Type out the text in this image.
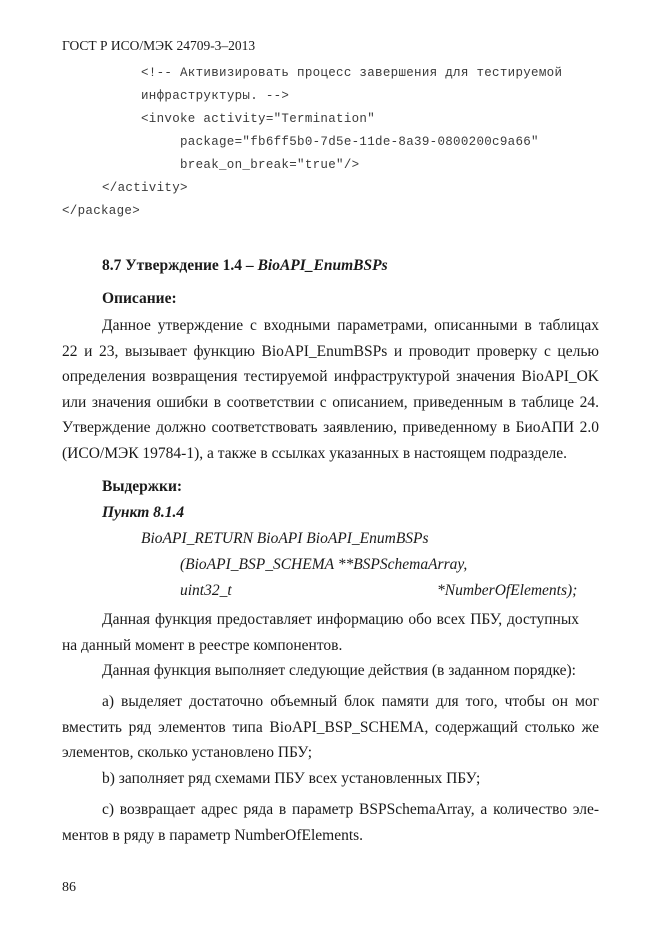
ГОСТ Р ИСО/МЭК 24709-3–2013
<!-- Активизировать процесс завершения для тестируемой
инфраструктуры. -->
<invoke activity="Termination"
package="fb6ff5b0-7d5e-11de-8a39-0800200c9a66"
break_on_break="true"/>
</activity>
</package>
8.7 Утверждение 1.4 – BioAPI_EnumBSPs
Описание:
Данное утверждение с входными параметрами, описанными в таблицах
22 и 23, вызывает функцию BioAPI_EnumBSPs и проводит проверку с целью
определения возвращения тестируемой инфраструктурой значения BioAPI_OK
или значения ошибки в соответствии с описанием, приведенным в таблице 24.
Утверждение должно соответствовать заявлению, приведенному в БиоАПИ 2.0
(ИСО/МЭК 19784-1), а также в ссылках указанных в настоящем подразделе.
Выдержки:
Пункт 8.1.4
BioAPI_RETURN BioAPI BioAPI_EnumBSPs
(BioAPI_BSP_SCHEMA **BSPSchemaArray,
uint32_t	*NumberOfElements);
Данная функция предоставляет информацию обо всех ПБУ, доступных
на данный момент в реестре компонентов.
Данная функция выполняет следующие действия (в заданном порядке):
a) выделяет достаточно объемный блок памяти для того, чтобы он мог
вместить ряд элементов типа BioAPI_BSP_SCHEMA, содержащий столько же
элементов, сколько установлено ПБУ;
b) заполняет ряд схемами ПБУ всех установленных ПБУ;
c) возвращает адрес ряда в параметр BSPSchemaArray, а количество эле-
ментов в ряду в параметр NumberOfElements.
86
